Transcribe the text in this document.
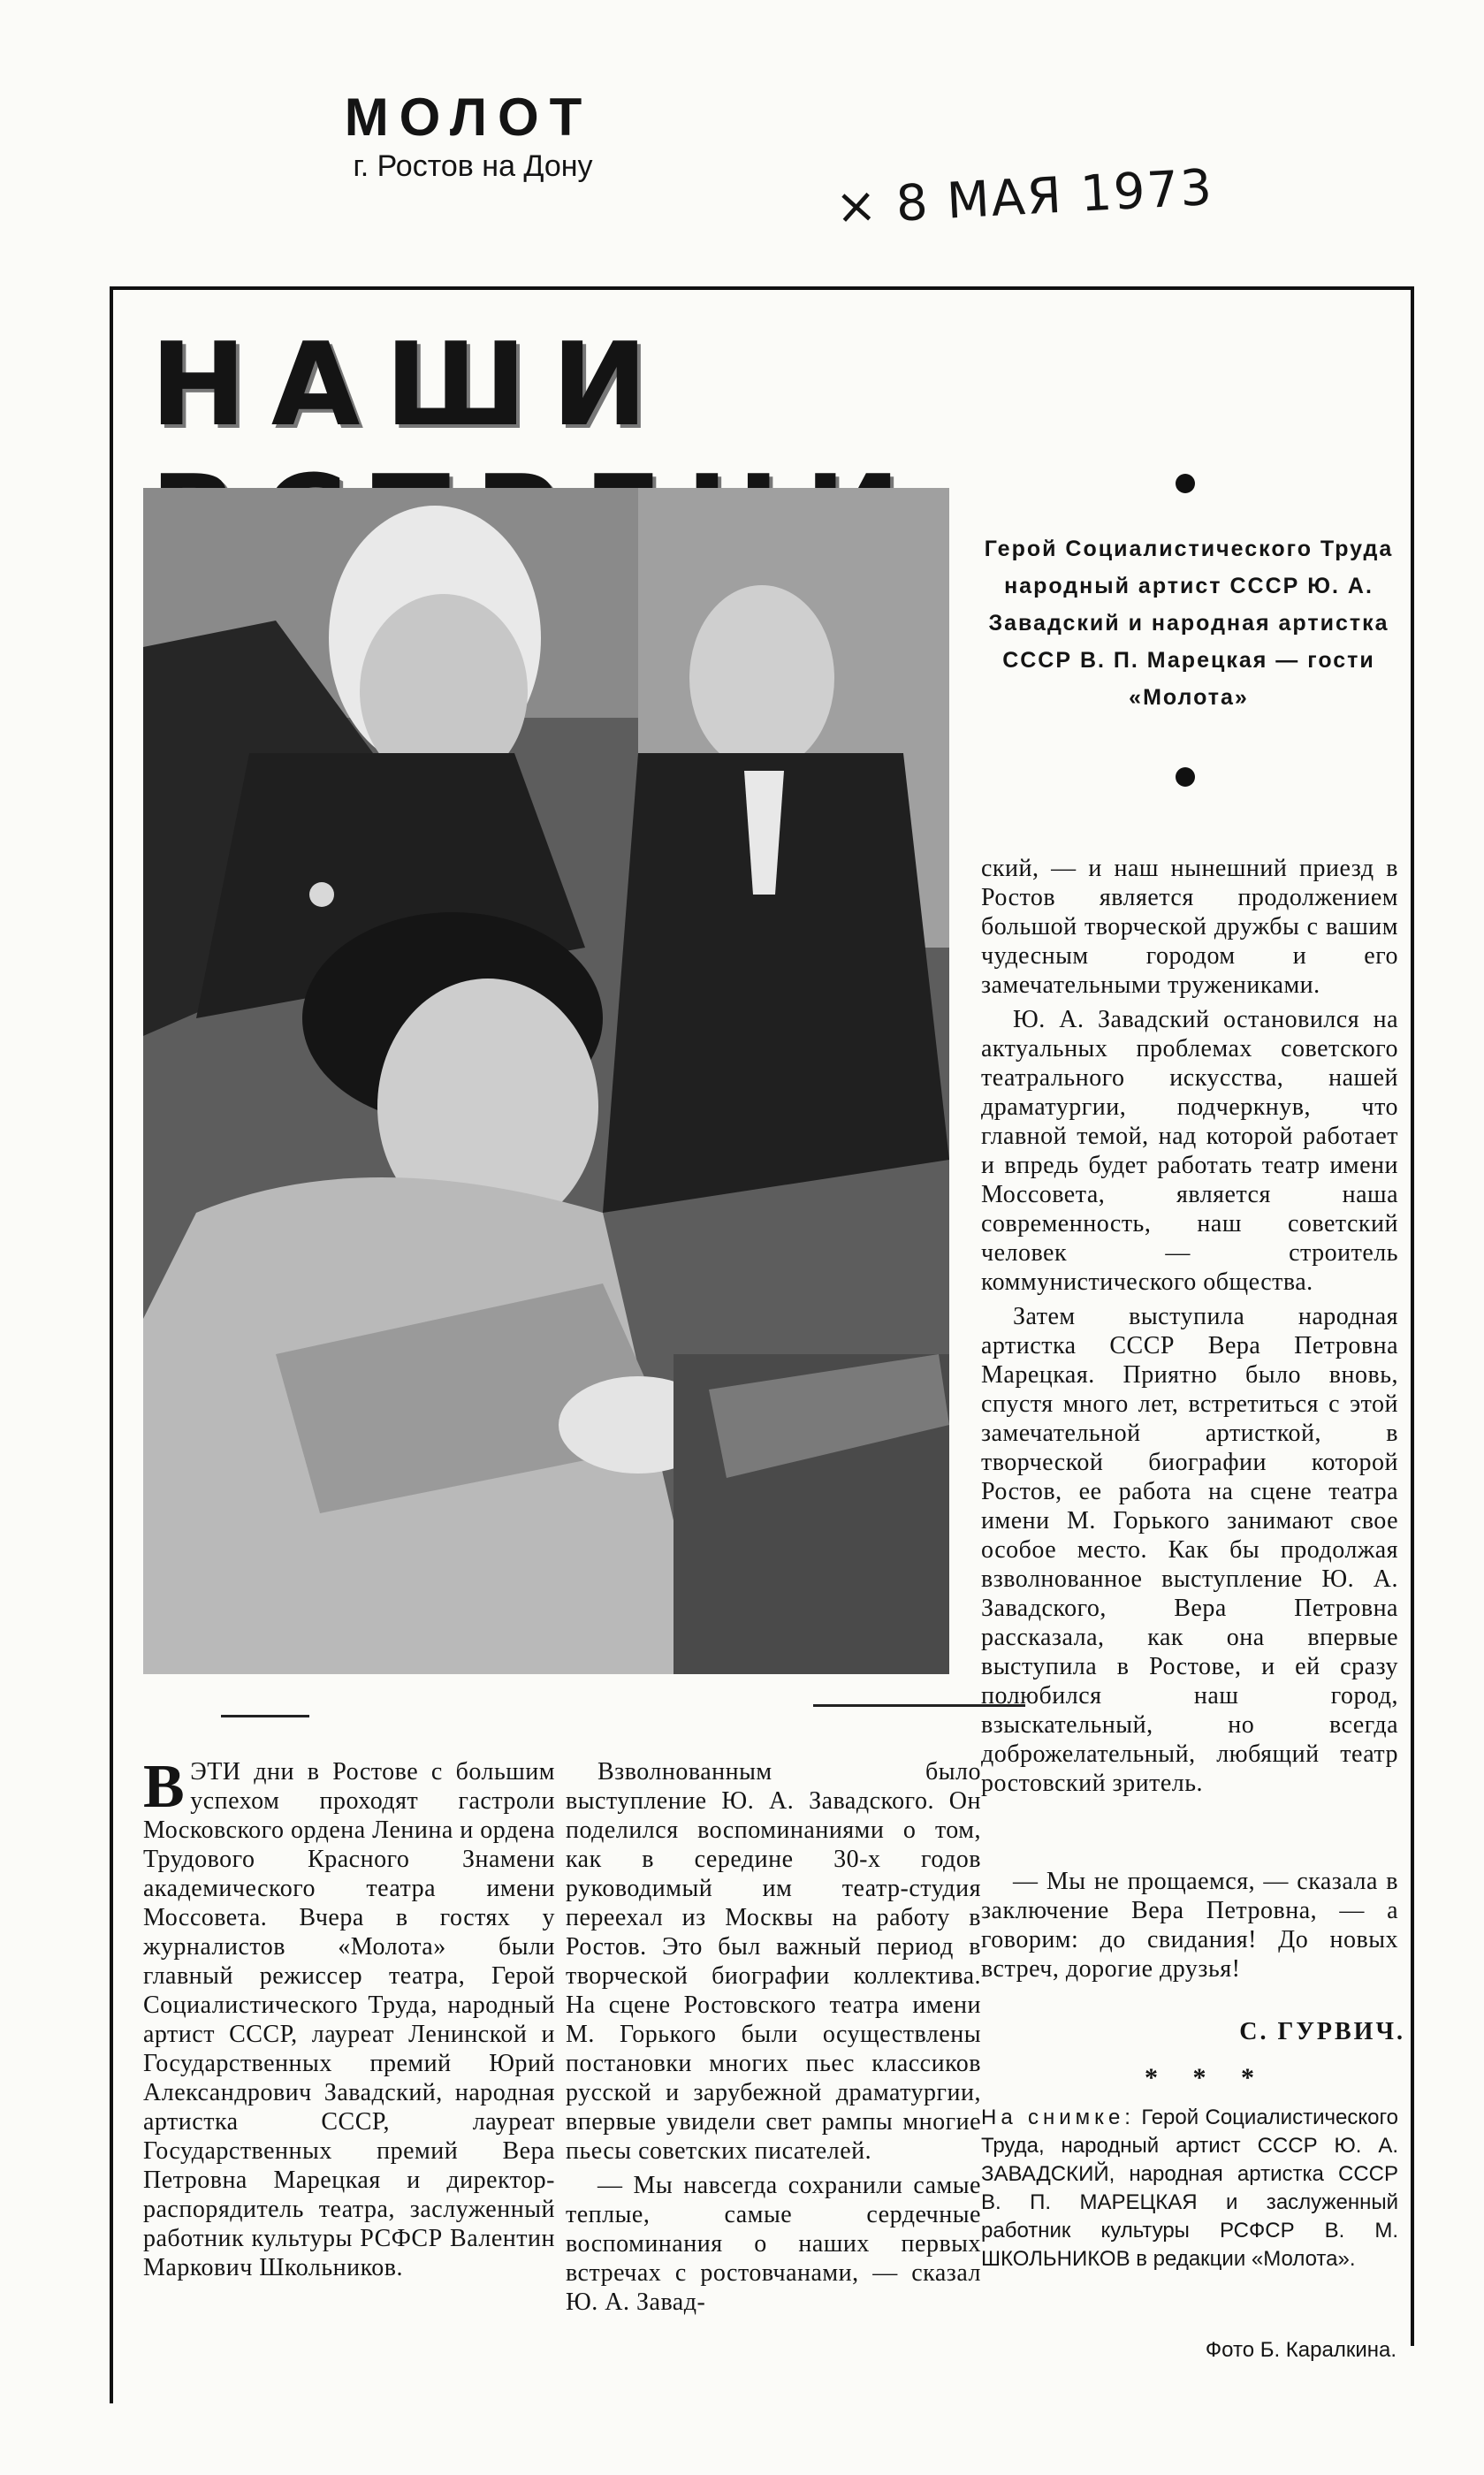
МОЛОТ
г. Ростов на Дону	× 8 МАЯ 1973
НАШИ
Герой Социалистического Труда народный артист СССР Ю. А. Завадский и народная артистка СССР В. П. Марецкая — гости «Молота»

ВЭТИ дни в Ростове с большим успехом проходят гастроли Московского ордена Ленина и ордена Трудового Красного Знамени академического театра имени Моссовета. Вчера в гостях у журналистов «Молота» были главный режиссер театра, Герой Социалистического Труда, народный артист СССР, лауреат Ленинской и Государственных премий Юрий Александрович Завадский, народная артистка СССР, лауреат Государственных премий Вера Петровна Марецкая и директор-распорядитель театра, заслуженный работник культуры РСФСР Валентин Маркович Школьников.

Взволнованным было выступление Ю. А. Завадского. Он поделился воспоминаниями о том, как в середине 30-х годов руководимый им театр-студия переехал из Москвы на работу в Ростов. Это был важный период в творческой биографии коллектива. На сцене Ростовского театра имени М. Горького были осуществлены постановки многих пьес классиков русской и зарубежной драматургии, впервые увидели свет рампы многие пьесы советских писателей.

— Мы навсегда сохранили самые теплые, самые сердечные воспоминания о наших первых встречах с ростовчанами, — сказал Ю. А. Завад-

ский, — и наш нынешний приезд в Ростов является продолжением большой творческой дружбы с вашим чудесным городом и его замечательными тружениками.

Ю. А. Завадский остановился на актуальных проблемах советского театрального искусства, нашей драматургии, подчеркнув, что главной темой, над которой работает и впредь будет работать театр имени Моссовета, является наша современность, наш советский человек — строитель коммунистического общества.

Затем выступила народная артистка СССР Вера Петровна Марецкая. Приятно было вновь, спустя много лет, встретиться с этой замечательной артисткой, в творческой биографии которой Ростов, ее работа на сцене театра имени М. Горького занимают свое особое место. Как бы продолжая взволнованное выступление Ю. А. Завадского, Вера Петровна рассказала, как она впервые выступила в Ростове, и ей сразу полюбился наш город, взыскательный, но всегда доброжелательный, любящий театр ростовский зритель.

— Мы не прощаемся, — сказала в заключение Вера Петровна, — а говорим: до свидания! До новых встреч, дорогие друзья!

С. ГУРВИЧ.
* * *
На снимке: Герой Социалистического Труда, народный артист СССР Ю. А. ЗАВАДСКИЙ, народная артистка СССР В. П. МАРЕЦКАЯ и заслуженный работник культуры РСФСР В. М. ШКОЛЬНИКОВ в редакции «Молота».
Фото Б. Каралкина.
